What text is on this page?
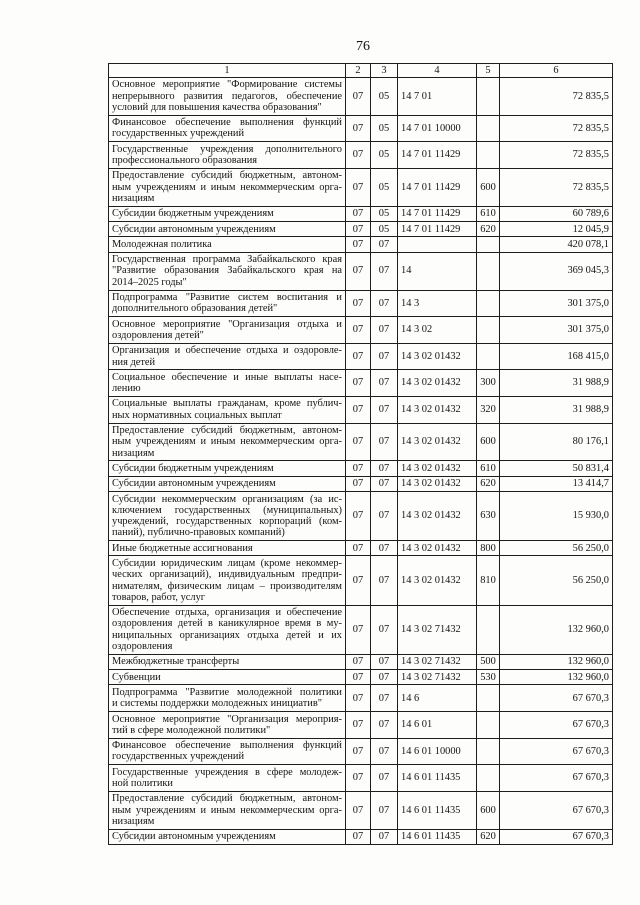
76
1	2	3	4	5	6

Основное мероприятие "Формирование системы
непрерывного развития педагогов, обеспечение
условий для повышения качества образования"	07	05	14 7 01		72 835,5

Финансовое обеспечение выполнения функций
государственных учреждений	07	05	14 7 01 10000		72 835,5

Государственные учреждения дополнительного
профессионального образования	07	05	14 7 01 11429		72 835,5

Предоставление субсидий бюджетным, автоном-
ным учреждениям и иным некоммерческим орга-
низациям	07	05	14 7 01 11429	600	72 835,5

Субсидии бюджетным учреждениям	07	05	14 7 01 11429	610	60 789,6

Субсидии автономным учреждениям	07	05	14 7 01 11429	620	12 045,9

Молодежная политика	07	07			420 078,1

Государственная программа Забайкальского края
"Развитие образования Забайкальского края на
2014–2025 годы"	07	07	14		369 045,3

Подпрограмма "Развитие систем воспитания и
дополнительного образования детей"	07	07	14 3		301 375,0

Основное мероприятие "Организация отдыха и
оздоровления детей"	07	07	14 3 02		301 375,0

Организация и обеспечение отдыха и оздоровле-
ния детей	07	07	14 3 02 01432		168 415,0

Социальное обеспечение и иные выплаты насе-
лению	07	07	14 3 02 01432	300	31 988,9

Социальные выплаты гражданам, кроме публич-
ных нормативных социальных выплат	07	07	14 3 02 01432	320	31 988,9

Предоставление субсидий бюджетным, автоном-
ным учреждениям и иным некоммерческим орга-
низациям	07	07	14 3 02 01432	600	80 176,1

Субсидии бюджетным учреждениям	07	07	14 3 02 01432	610	50 831,4

Субсидии автономным учреждениям	07	07	14 3 02 01432	620	13 414,7

Субсидии некоммерческим организациям (за ис-
ключением государственных (муниципальных)
учреждений, государственных корпораций (ком-
паний), публично-правовых компаний)	07	07	14 3 02 01432	630	15 930,0

Иные бюджетные ассигнования	07	07	14 3 02 01432	800	56 250,0

Субсидии юридическим лицам (кроме некоммер-
ческих организаций), индивидуальным предпри-
нимателям, физическим лицам – производителям
товаров, работ, услуг	07	07	14 3 02 01432	810	56 250,0

Обеспечение отдыха, организация и обеспечение
оздоровления детей в каникулярное время в му-
ниципальных организациях отдыха детей и их
оздоровления	07	07	14 3 02 71432		132 960,0

Межбюджетные трансферты	07	07	14 3 02 71432	500	132 960,0

Субвенции	07	07	14 3 02 71432	530	132 960,0

Подпрограмма "Развитие молодежной политики
и системы поддержки молодежных инициатив"	07	07	14 6		67 670,3

Основное мероприятие "Организация мероприя-
тий в сфере молодежной политики"	07	07	14 6 01		67 670,3

Финансовое обеспечение выполнения функций
государственных учреждений	07	07	14 6 01 10000		67 670,3

Государственные учреждения в сфере молодеж-
ной политики	07	07	14 6 01 11435		67 670,3

Предоставление субсидий бюджетным, автоном-
ным учреждениям и иным некоммерческим орга-
низациям	07	07	14 6 01 11435	600	67 670,3

Субсидии автономным учреждениям	07	07	14 6 01 11435	620	67 670,3
